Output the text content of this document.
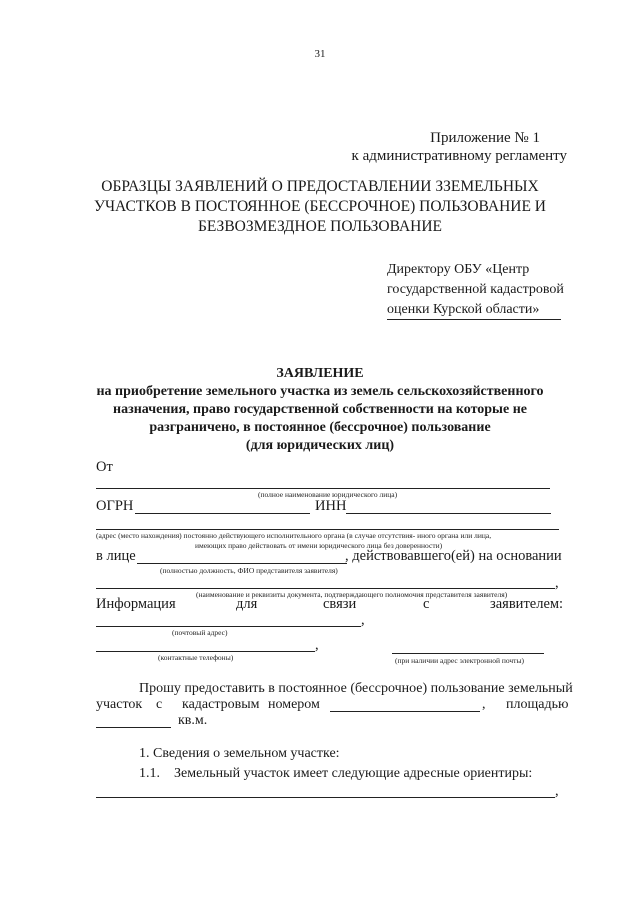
31
Приложение № 1
к административному регламенту
ОБРАЗЦЫ ЗАЯВЛЕНИЙ О ПРЕДОСТАВЛЕНИИ ЗЗЕМЕЛЬНЫХ
УЧАСТКОВ В ПОСТОЯННОЕ (БЕССРОЧНОЕ) ПОЛЬЗОВАНИЕ И
БЕЗВОЗМЕЗДНОЕ ПОЛЬЗОВАНИЕ
Директору ОБУ «Центр
государственной кадастровой
оценки Курской области»
ЗАЯВЛЕНИЕ
на приобретение земельного участка из земель сельскохозяйственного
назначения, право государственной собственности на которые не
разграничено, в постоянное (бессрочное) пользование
(для юридических лиц)
От
(полное наименование юридического лица)
ОГРН	ИНН
(адрес (место нахождения) постоянно действующего исполнительного органа (в случае отсутствия- иного органа или лица,
имеющих право действовать от имени юридического лица без доверенности)
в лице	, действовавшего(ей) на основании
(полностью должность, ФИО представителя заявителя)
,
(наименование и реквизиты документа, подтверждающего полномочия представителя заявителя)
Информация	для	связи	с	заявителем:
,
(почтовый адрес)
,
(контактные телефоны)	(при наличии адрес электронной почты)
Прошу предоставить в постоянное (бессрочное) пользование земельный
участок с кадастровым номером	, площадью
кв.м.
1. Сведения о земельном участке:
1.1. Земельный участок имеет следующие адресные ориентиры:
,
